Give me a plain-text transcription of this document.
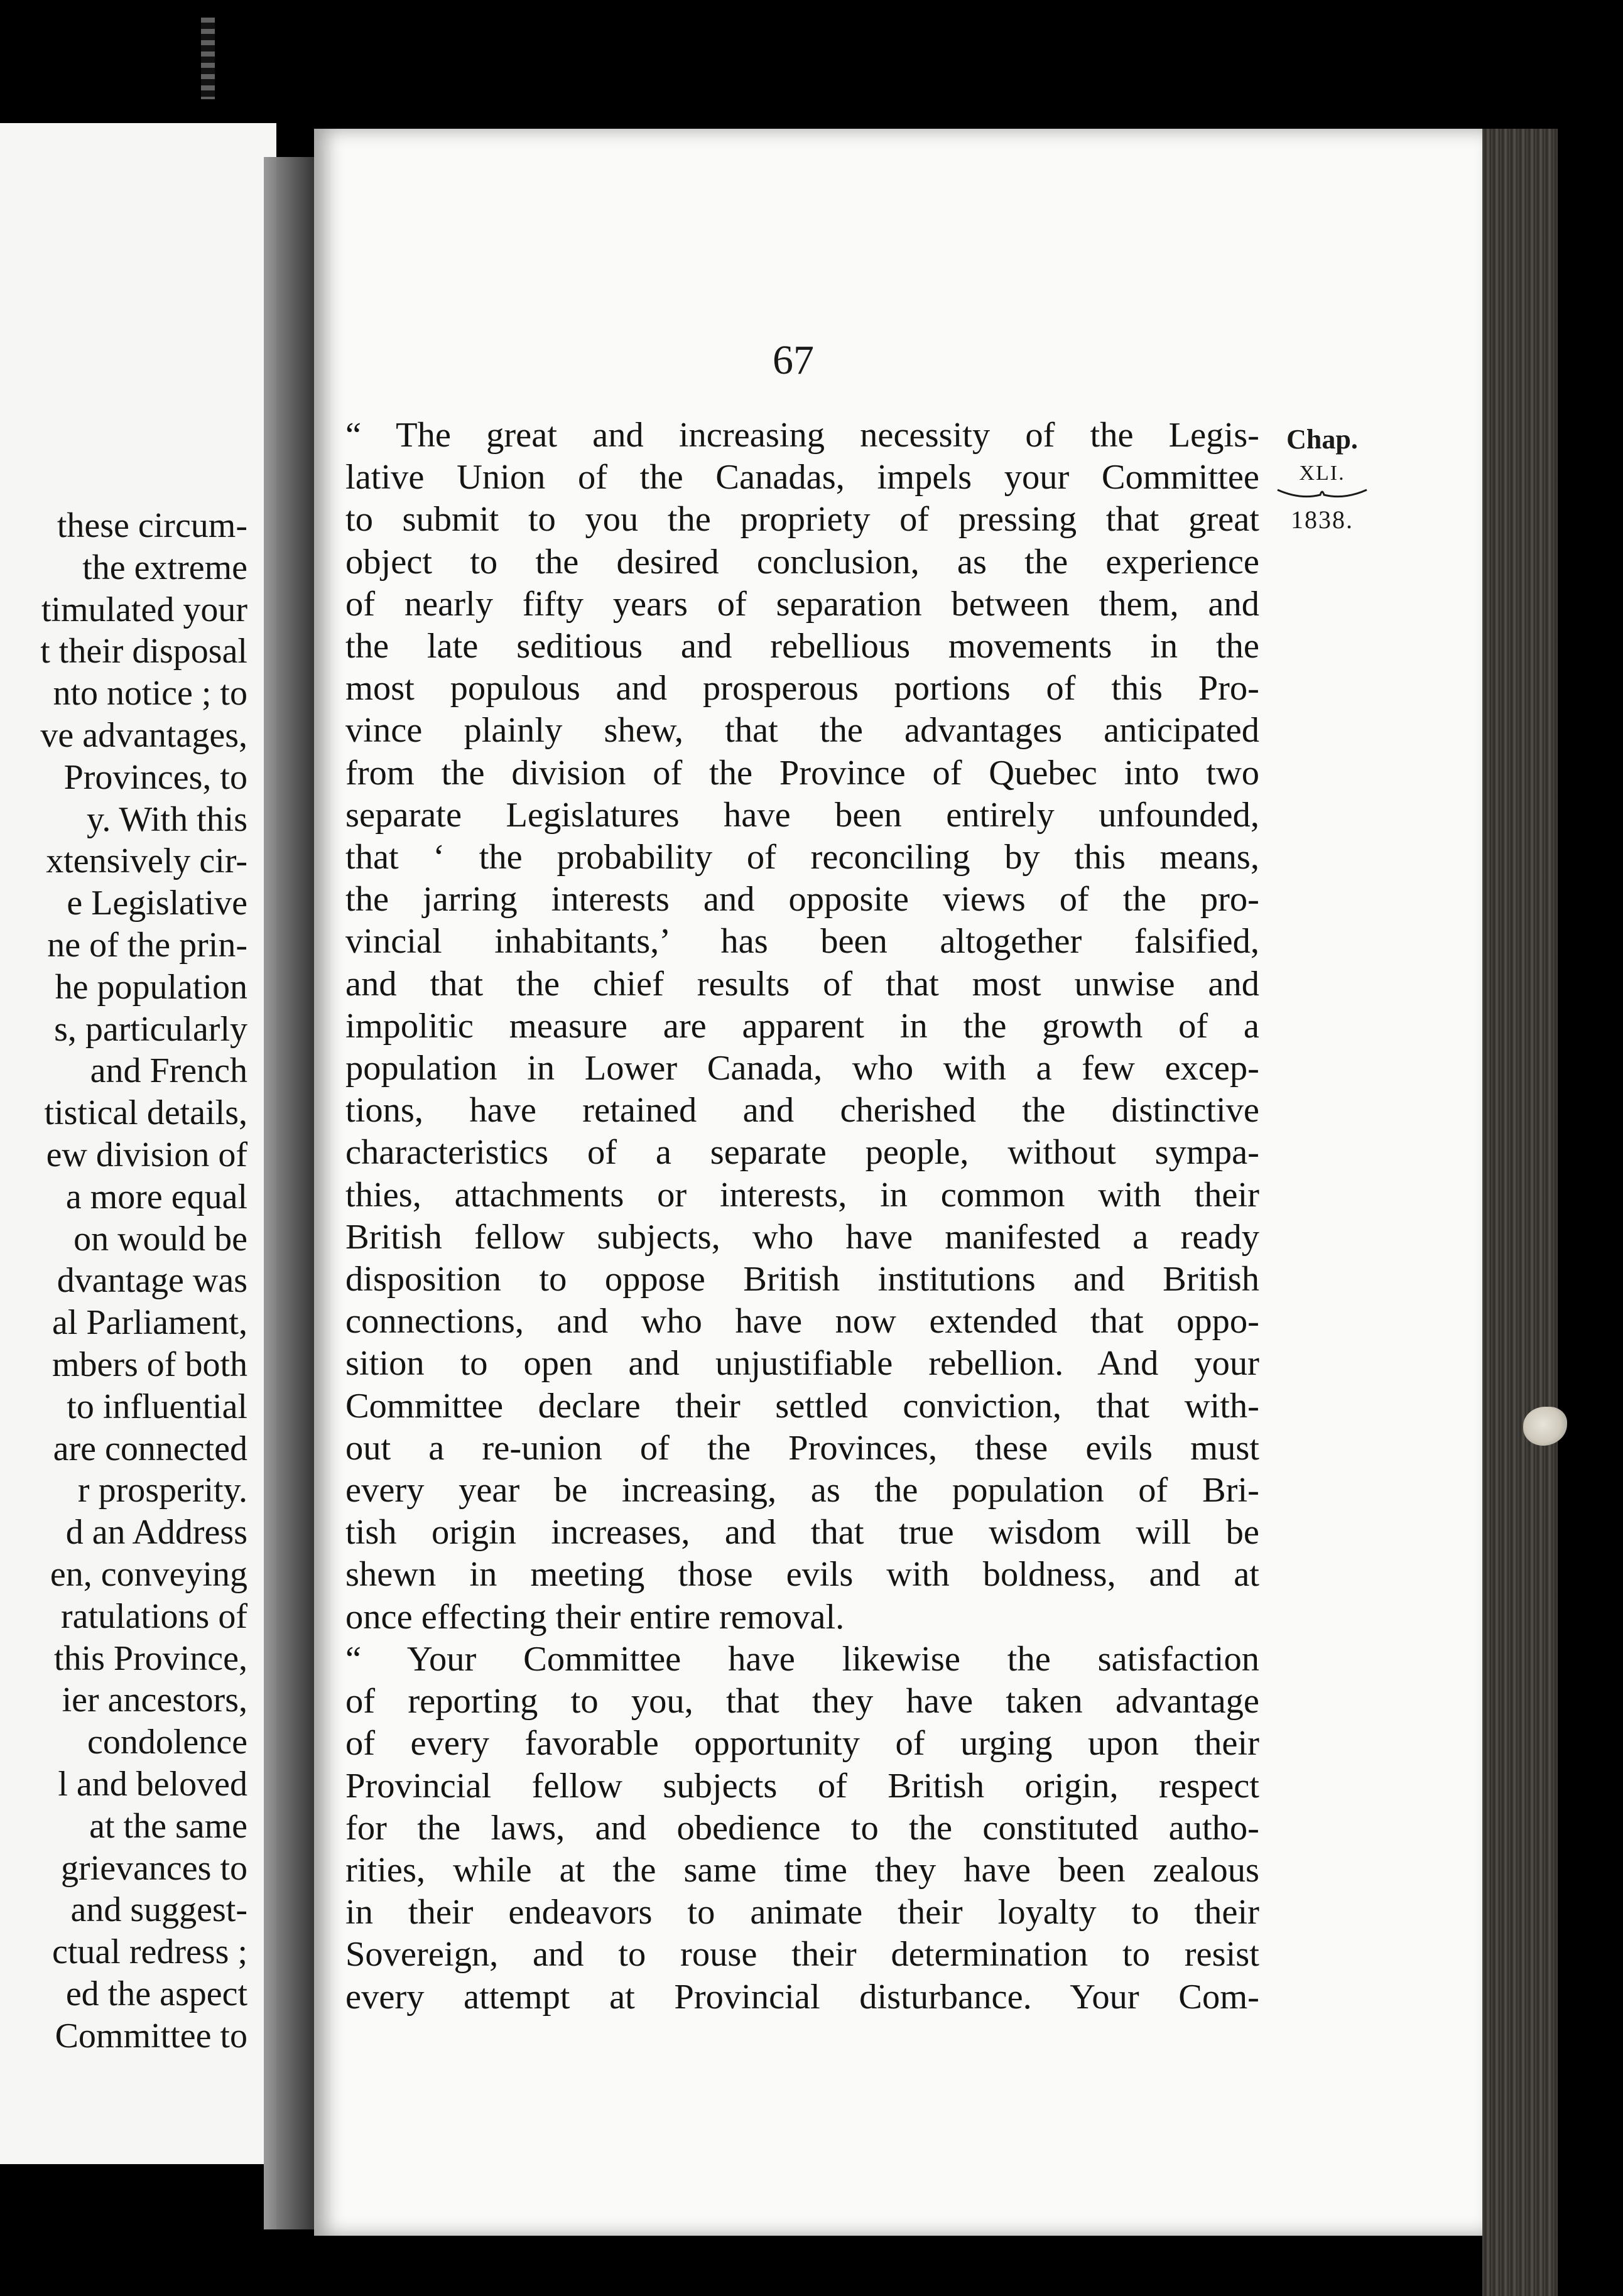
these circum-
the extreme
timulated your
t their disposal
nto notice ; to
ve advantages,
Provinces, to
y. With this
xtensively cir-
e Legislative
ne of the prin-
he population
s, particularly
and French
tistical details,
ew division of
a more equal
on would be
dvantage was
al Parliament,
mbers of both
to influential
are connected
r prosperity.
d an Address
en, conveying
ratulations of
this Province,
ier ancestors,
condolence
l and beloved
at the same
grievances to
and suggest-
ctual redress ;
ed the aspect
Committee to
67
Chap.
XLI.
1838.
“ The great and increasing necessity of the Legis-
lative Union of the Canadas, impels your Committee
to submit to you the propriety of pressing that great
object to the desired conclusion, as the experience
of nearly fifty years of separation between them, and
the late seditious and rebellious movements in the
most populous and prosperous portions of this Pro-
vince plainly shew, that the advantages anticipated
from the division of the Province of Quebec into two
separate Legislatures have been entirely unfounded,
that ‘ the probability of reconciling by this means,
the jarring interests and opposite views of the pro-
vincial inhabitants,’ has been altogether falsified,
and that the chief results of that most unwise and
impolitic measure are apparent in the growth of a
population in Lower Canada, who with a few excep-
tions, have retained and cherished the distinctive
characteristics of a separate people, without sympa-
thies, attachments or interests, in common with their
British fellow subjects, who have manifested a ready
disposition to oppose British institutions and British
connections, and who have now extended that oppo-
sition to open and unjustifiable rebellion. And your
Committee declare their settled conviction, that with-
out a re-union of the Provinces, these evils must
every year be increasing, as the population of Bri-
tish origin increases, and that true wisdom will be
shewn in meeting those evils with boldness, and at
once effecting their entire removal.
“ Your Committee have likewise the satisfaction
of reporting to you, that they have taken advantage
of every favorable opportunity of urging upon their
Provincial fellow subjects of British origin, respect
for the laws, and obedience to the constituted autho-
rities, while at the same time they have been zealous
in their endeavors to animate their loyalty to their
Sovereign, and to rouse their determination to resist
every attempt at Provincial disturbance. Your Com-
